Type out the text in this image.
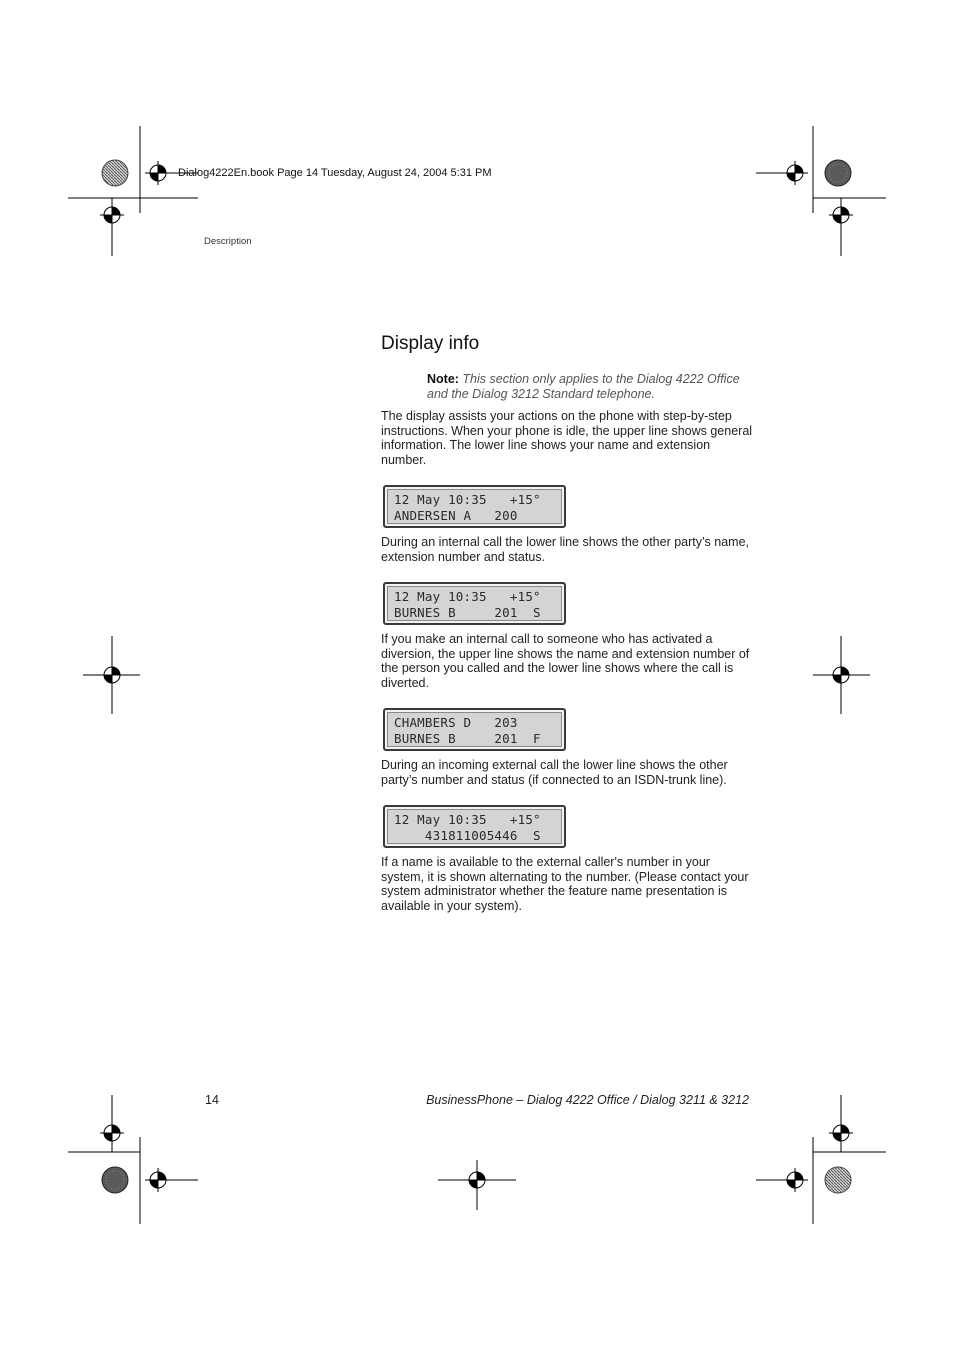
Dialog4222En.book Page 14 Tuesday, August 24, 2004 5:31 PM
Description
Display info
Note: This section only applies to the Dialog 4222 Office and the Dialog 3212 Standard telephone.

The display assists your actions on the phone with step-by-step instructions. When your phone is idle, the upper line shows general information. The lower line shows your name and extension number.

12 May 10:35   +15°
ANDERSEN A   200

During an internal call the lower line shows the other party’s name, extension number and status.

12 May 10:35   +15°
BURNES B     201  S

If you make an internal call to someone who has activated a diversion, the upper line shows the name and extension number of the person you called and the lower line shows where the call is diverted.

CHAMBERS D   203
BURNES B     201  F

During an incoming external call the lower line shows the other party’s number and status (if connected to an ISDN-trunk line).

12 May 10:35   +15°
431811005446  S

If a name is available to the external caller's number in your system, it is shown alternating to the number. (Please contact your system administrator whether the feature name presentation is available in your system).

14	BusinessPhone – Dialog 4222 Office / Dialog 3211 & 3212
